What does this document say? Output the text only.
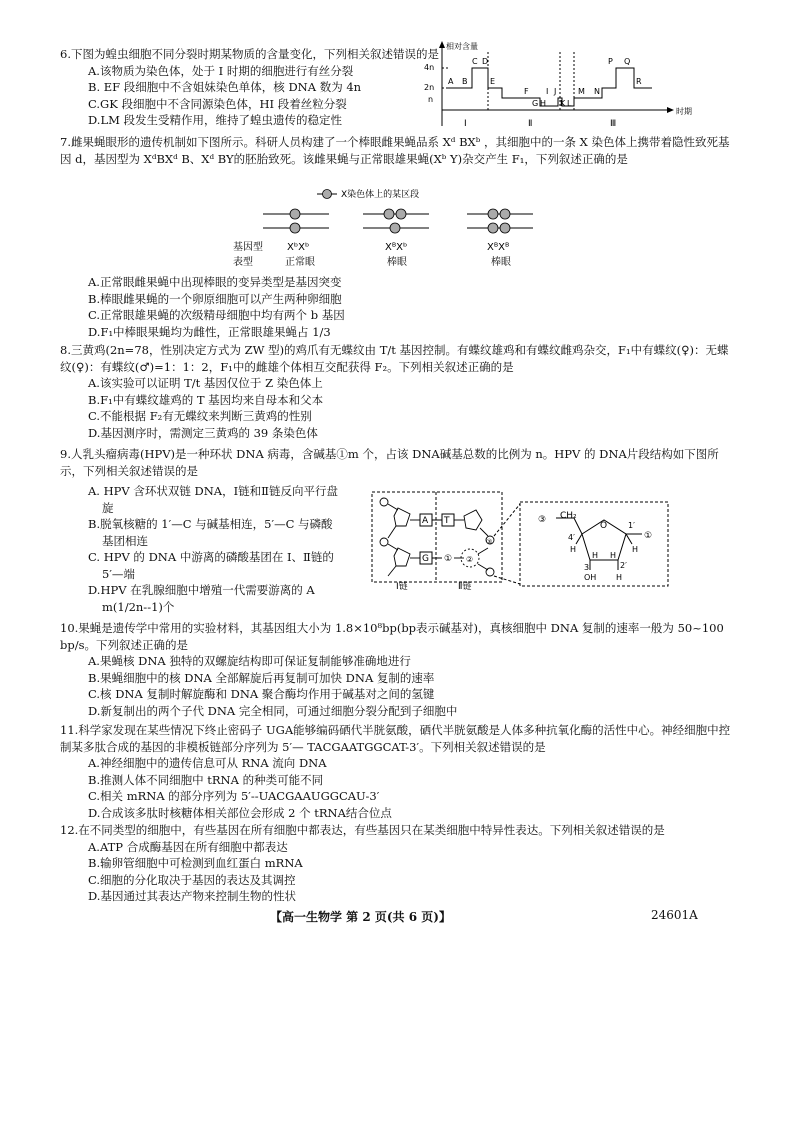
6.下图为蝗虫细胞不同分裂时期某物质的含量变化，下列相关叙述错误的是

A.该物质为染色体，处于 Ⅰ 时期的细胞进行有丝分裂

B. EF 段细胞中不含姐妹染色单体，核 DNA 数为 4n

C.GK 段细胞中不含同源染色体，HI 段着丝粒分裂

D.LM 段发生受精作用，维持了蝗虫遗传的稳定性

相对含量
时期
4n
2n
n
A B
C D
E
F
G H
I J
K L
M N
P Q
R
Ⅰ	Ⅱ	Ⅲ

7.雌果蝇眼形的遗传机制如下图所示。科研人员构建了一个棒眼雌果蝇品系 Xᵈ BXᵇ ，其细胞中的一条 X 染色体上携带着隐性致死基因 d，基因型为 XᵈBXᵈ B、Xᵈ BY的胚胎致死。该雌果蝇与正常眼雄果蝇(Xᵇ Y)杂交产生 F₁，下列叙述正确的是

X染色体上的某区段
基因型
表型
XᵇXᵇ
正常眼
XᴮXᵇ
棒眼
XᴮXᴮ
棒眼

A.正常眼雌果蝇中出现棒眼的变异类型是基因突变

B.棒眼雌果蝇的一个卵原细胞可以产生两种卵细胞

C.正常眼雄果蝇的次级精母细胞中均有两个 b 基因

D.F₁中棒眼果蝇均为雌性，正常眼雄果蝇占 1/3

8.三黄鸡(2n=78，性别决定方式为 ZW 型)的鸡爪有无蝶纹由 T/t 基因控制。有蝶纹雄鸡和有蝶纹雌鸡杂交，F₁中有蝶纹(♀)：无蝶纹(♀)：有蝶纹(♂)=1：1：2，F₁中的雌雄个体相互交配获得 F₂。下列相关叙述正确的是

A.该实验可以证明 T/t 基因仅位于 Z 染色体上

B.F₁中有蝶纹雄鸡的 T 基因均来自母本和父本

C.不能根据 F₂有无蝶纹来判断三黄鸡的性别

D.基因测序时，需测定三黄鸡的 39 条染色体

9.人乳头瘤病毒(HPV)是一种环状 DNA 病毒，含碱基①m 个，占该 DNA碱基总数的比例为 n。HPV 的 DNA片段结构如下图所示，下列相关叙述错误的是

A. HPV 含环状双链 DNA，Ⅰ链和Ⅱ链反向平行盘

旋

B.脱氧核糖的 1′—C 与碱基相连，5′—C 与磷酸

基团相连

C. HPV 的 DNA 中游离的磷酸基团在 Ⅰ、Ⅱ链的

5′—端

D.HPV 在乳腺细胞中增殖一代需要游离的 A

m(1/2n--1)个

A
G
T
① ②
③
Ⅰ链	Ⅱ链
③ CH₂
O
4′
1′
①
H	H
H H
3	2′
OH H

10.果蝇是遗传学中常用的实验材料，其基因组大小为 1.8×10⁸bp(bp表示碱基对)，真核细胞中 DNA 复制的速率一般为 50~100 bp/s。下列叙述正确的是

A.果蝇核 DNA 独特的双螺旋结构即可保证复制能够准确地进行

B.果蝇细胞中的核 DNA 全部解旋后再复制可加快 DNA 复制的速率

C.核 DNA 复制时解旋酶和 DNA 聚合酶均作用于碱基对之间的氢键

D.新复制出的两个子代 DNA 完全相同，可通过细胞分裂分配到子细胞中

11.科学家发现在某些情况下终止密码子 UGA能够编码硒代半胱氨酸，硒代半胱氨酸是人体多种抗氧化酶的活性中心。神经细胞中控制某多肽合成的基因的非模板链部分序列为 5′— TACGAATGGCAT-3′。下列相关叙述错误的是

A.神经细胞中的遗传信息可从 RNA 流向 DNA

B.推测人体不同细胞中 tRNA 的种类可能不同

C.相关 mRNA 的部分序列为 5′--UACGAAUGGCAU-3′

D.合成该多肽时核糖体相关部位会形成 2 个 tRNA结合位点

12.在不同类型的细胞中，有些基因在所有细胞中都表达，有些基因只在某类细胞中特异性表达。下列相关叙述错误的是

A.ATP 合成酶基因在所有细胞中都表达

B.输卵管细胞中可检测到血红蛋白 mRNA

C.细胞的分化取决于基因的表达及其调控

D.基因通过其表达产物来控制生物的性状

【高一生物学 第 2 页(共 6 页)】	24601A
